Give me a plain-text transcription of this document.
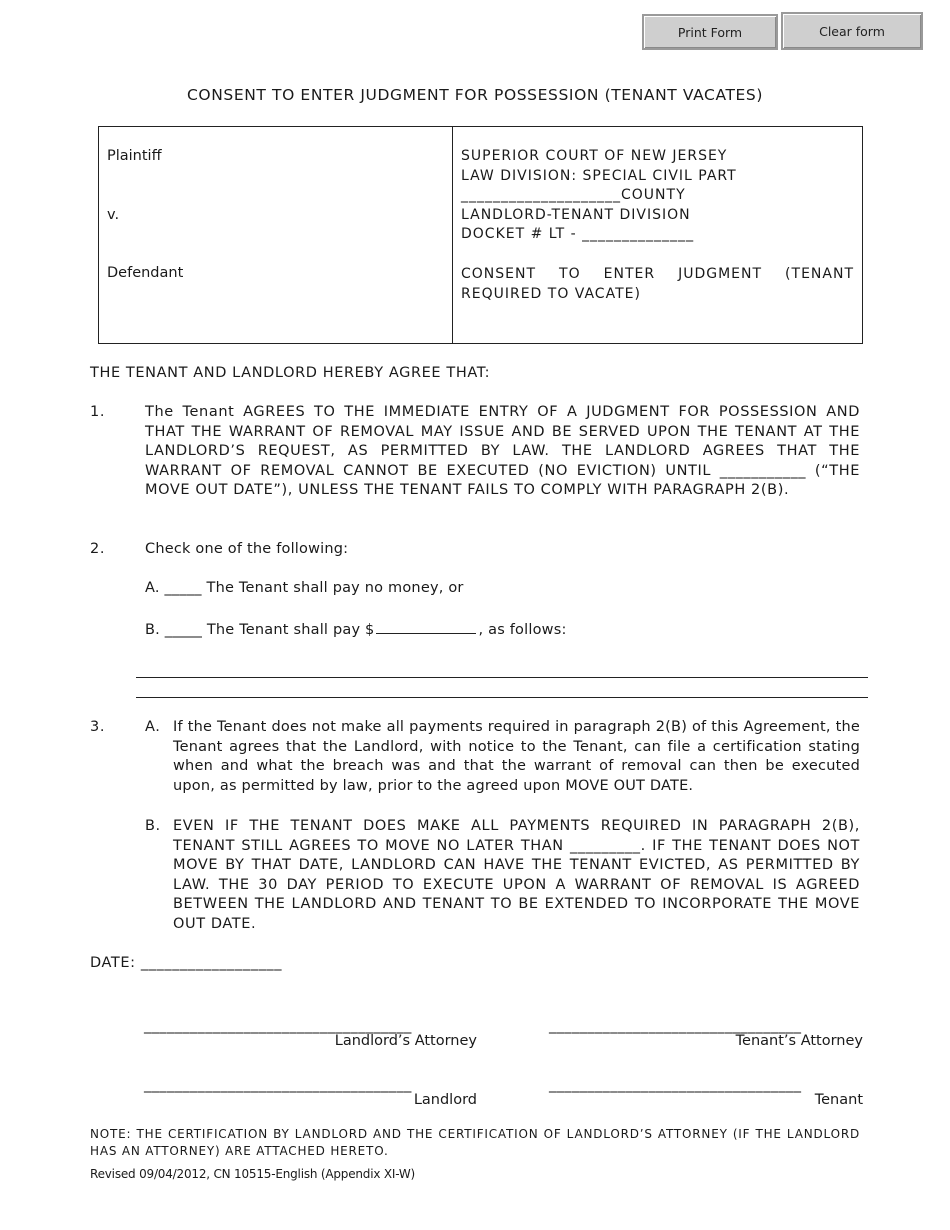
Print Form	Clear form
CONSENT TO ENTER JUDGMENT FOR POSSESSION (TENANT VACATES)
Plaintiff
v.
Defendant
SUPERIOR COURT OF NEW JERSEY
LAW DIVISION: SPECIAL CIVIL PART
____________________COUNTY
LANDLORD-TENANT DIVISION
DOCKET # LT - ______________
CONSENT TO ENTER JUDGMENT (TENANT REQUIRED TO VACATE)
THE TENANT AND LANDLORD HEREBY AGREE THAT:
1.	The Tenant AGREES TO THE IMMEDIATE ENTRY OF A JUDGMENT FOR POSSESSION AND THAT THE WARRANT OF REMOVAL MAY ISSUE AND BE SERVED UPON THE TENANT AT THE LANDLORD’S REQUEST, AS PERMITTED BY LAW. THE LANDLORD AGREES THAT THE WARRANT OF REMOVAL CANNOT BE EXECUTED (NO EVICTION) UNTIL ___________ (“THE MOVE OUT DATE”), UNLESS THE TENANT FAILS TO COMPLY WITH PARAGRAPH 2(B).
2.	Check one of the following:
A. _____ The Tenant shall pay no money, or
B. _____ The Tenant shall pay $	, as follows:
3.	A. If the Tenant does not make all payments required in paragraph 2(B) of this Agreement, the Tenant agrees that the Landlord, with notice to the Tenant, can file a certification stating when and what the breach was and that the warrant of removal can then be executed upon, as permitted by law, prior to the agreed upon MOVE OUT DATE.
B. EVEN IF THE TENANT DOES MAKE ALL PAYMENTS REQUIRED IN PARAGRAPH 2(B), TENANT STILL AGREES TO MOVE NO LATER THAN _________. IF THE TENANT DOES NOT MOVE BY THAT DATE, LANDLORD CAN HAVE THE TENANT EVICTED, AS PERMITTED BY LAW. THE 30 DAY PERIOD TO EXECUTE UPON A WARRANT OF REMOVAL IS AGREED BETWEEN THE LANDLORD AND TENANT TO BE EXTENDED TO INCORPORATE THE MOVE OUT DATE.
DATE: __________________
___________________________________	_________________________________
Landlord’s Attorney	Tenant’s Attorney
___________________________________	_________________________________
Landlord	Tenant
NOTE: THE CERTIFICATION BY LANDLORD AND THE CERTIFICATION OF LANDLORD’S ATTORNEY (IF THE LANDLORD HAS AN ATTORNEY) ARE ATTACHED HERETO.
Revised 09/04/2012, CN 10515-English (Appendix XI-W)
